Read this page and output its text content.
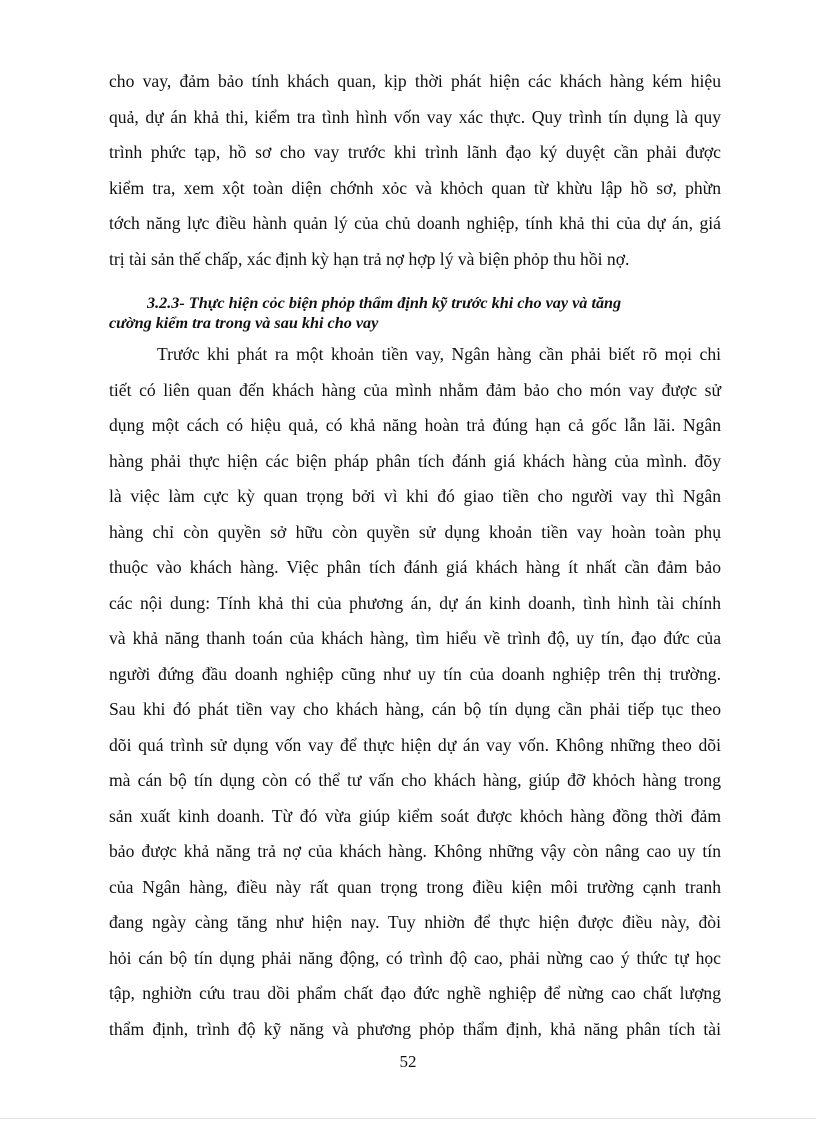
cho vay, đảm bảo tính khách quan, kịp thời phát hiện các khách hàng kém hiệu
quả, dự án khả thi, kiểm tra tình hình vốn vay xác thực. Quy trình tín dụng là quy
trình phức tạp, hồ sơ cho vay trước khi trình lãnh đạo ký duyệt cần phải được
kiểm tra, xem xột toàn diện chớnh xỏc và khỏch quan từ khừu lập hồ sơ, phừn
tớch năng lực điều hành quản lý của chủ doanh nghiệp, tính khả thi của dự án, giá
trị tài sản thế chấp, xác định kỳ hạn trả nợ hợp lý và biện phỏp thu hồi nợ.
3.2.3- Thực hiện cỏc biện phỏp thẩm định kỹ trước khi cho vay và tăng
cường kiểm tra trong và sau khi cho vay
Trước khi phát ra một khoản tiền vay, Ngân hàng cần phải biết rõ mọi chi
tiết có liên quan đến khách hàng của mình nhằm đảm bảo cho món vay được sử
dụng một cách có hiệu quả, có khả năng hoàn trả đúng hạn cả gốc lẫn lãi. Ngân
hàng phải thực hiện các biện pháp phân tích đánh giá khách hàng của mình. đõy
là việc làm cực kỳ quan trọng bởi vì khi đó giao tiền cho người vay thì Ngân
hàng chỉ còn quyền sở hữu còn quyền sử dụng khoản tiền vay hoàn toàn phụ
thuộc vào khách hàng. Việc phân tích đánh giá khách hàng ít nhất cần đảm bảo
các nội dung: Tính khả thi của phương án, dự án kinh doanh, tình hình tài chính
và khả năng thanh toán của khách hàng, tìm hiểu về trình độ, uy tín, đạo đức của
người đứng đầu doanh nghiệp cũng như uy tín của doanh nghiệp trên thị trường.
Sau khi đó phát tiền vay cho khách hàng, cán bộ tín dụng cần phải tiếp tục theo
dõi quá trình sử dụng vốn vay để thực hiện dự án vay vốn. Không những theo dõi
mà cán bộ tín dụng còn có thể tư vấn cho khách hàng, giúp đỡ khỏch hàng trong
sản xuất kinh doanh. Từ đó vừa giúp kiểm soát được khỏch hàng đồng thời đảm
bảo được khả năng trả nợ của khách hàng. Không những vậy còn nâng cao uy tín
của Ngân hàng, điều này rất quan trọng trong điều kiện môi trường cạnh tranh
đang ngày càng tăng như hiện nay. Tuy nhiờn để thực hiện được điều này, đòi
hỏi cán bộ tín dụng phải năng động, có trình độ cao, phải nừng cao ý thức tự học
tập, nghiờn cứu trau dồi phẩm chất đạo đức nghề nghiệp để nừng cao chất lượng
thẩm định, trình độ kỹ năng và phương phỏp thẩm định, khả năng phân tích tài
52
